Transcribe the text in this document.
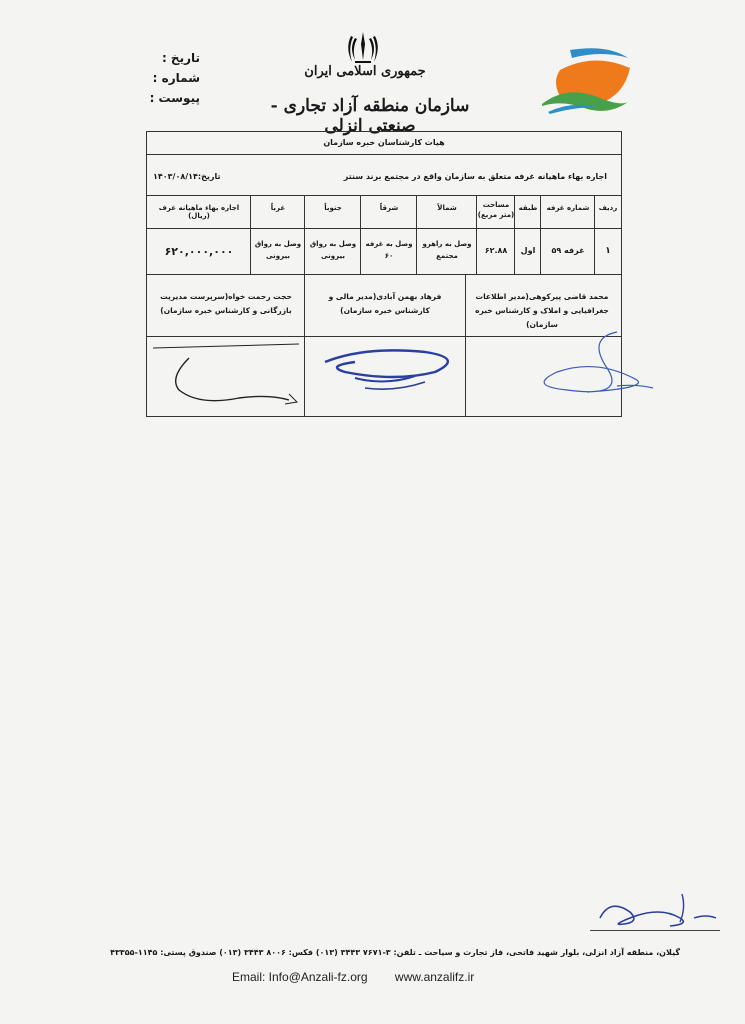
تاریخ :
شماره :
پیوست :
جمهوری اسلامی ایران
سازمان منطقه آزاد تجاری - صنعتی انزلی
هیات کارشناسان خبره سازمان
اجاره بهاء ماهیانه غرفه متعلق به سازمان واقع در مجتمع برند سنتر
تاریخ:۱۴۰۳/۰۸/۱۴
ردیف
شماره غرفه
طبقه
مساحت
(متر مربع)
شمالاً
شرقاً
جنوباً
غرباً
اجاره بهاء ماهیانه غرف (ریال)
۱
غرفه ۵۹
اول
۶۲.۸۸
وصل به راهرو مجتمع
وصل به غرفه ۶۰
وصل به رواق بیرونی
وصل به رواق بیرونی
۶۲۰,۰۰۰,۰۰۰
محمد قاضی پیرکوهی(مدیر اطلاعات جغرافیایی و املاک و کارشناس خبره سازمان)
فرهاد بهمن آبادی(مدیر مالی و کارشناس خبره سازمان)
حجت رحمت خواه(سرپرست مدیریت بازرگانی و کارشناس خبره سازمان)
گیلان، منطقه آزاد انزلی، بلوار شهید فاتحی، فاز تجارت و سیاحت ـ تلفن: ۳-۷۶۷۱ ۳۴۴۳ (۰۱۳) فکس: ۸۰۰۶ ۳۴۴۳ (۰۱۳) صندوق پستی: ۱۱۴۵-۴۳۳۵۵
Email: Info@Anzali-fz.org www.anzalifz.ir
